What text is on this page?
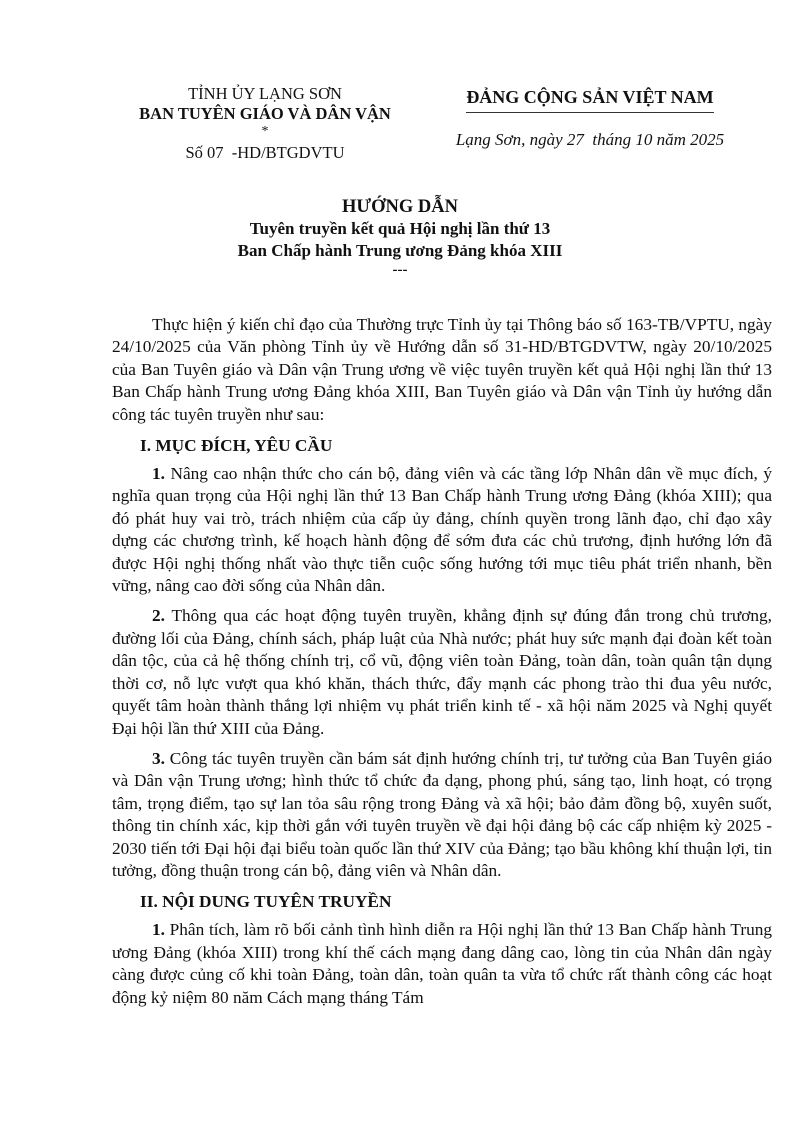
TỈNH ỦY LẠNG SƠN
BAN TUYÊN GIÁO VÀ DÂN VẬN
*
Số 07  -HD/BTGDVTU
ĐẢNG CỘNG SẢN VIỆT NAM
Lạng Sơn, ngày 27  tháng 10 năm 2025
HƯỚNG DẪN
Tuyên truyền kết quả Hội nghị lần thứ 13
Ban Chấp hành Trung ương Đảng khóa XIII
---

Thực hiện ý kiến chỉ đạo của Thường trực Tỉnh ủy tại Thông báo số 163-TB/VPTU, ngày 24/10/2025 của Văn phòng Tỉnh ủy về Hướng dẫn số 31-HD/BTGDVTW, ngày 20/10/2025 của Ban Tuyên giáo và Dân vận Trung ương về việc tuyên truyền kết quả Hội nghị lần thứ 13 Ban Chấp hành Trung ương Đảng khóa XIII, Ban Tuyên giáo và Dân vận Tỉnh ủy hướng dẫn công tác tuyên truyền như sau:

I. MỤC ĐÍCH, YÊU CẦU

1. Nâng cao nhận thức cho cán bộ, đảng viên và các tầng lớp Nhân dân về mục đích, ý nghĩa quan trọng của Hội nghị lần thứ 13 Ban Chấp hành Trung ương Đảng (khóa XIII); qua đó phát huy vai trò, trách nhiệm của cấp ủy đảng, chính quyền trong lãnh đạo, chỉ đạo xây dựng các chương trình, kế hoạch hành động để sớm đưa các chủ trương, định hướng lớn đã được Hội nghị thống nhất vào thực tiễn cuộc sống hướng tới mục tiêu phát triển nhanh, bền vững, nâng cao đời sống của Nhân dân.

2. Thông qua các hoạt động tuyên truyền, khẳng định sự đúng đắn trong chủ trương, đường lối của Đảng, chính sách, pháp luật của Nhà nước; phát huy sức mạnh đại đoàn kết toàn dân tộc, của cả hệ thống chính trị, cổ vũ, động viên toàn Đảng, toàn dân, toàn quân tận dụng thời cơ, nỗ lực vượt qua khó khăn, thách thức, đẩy mạnh các phong trào thi đua yêu nước, quyết tâm hoàn thành thắng lợi nhiệm vụ phát triển kinh tế - xã hội năm 2025 và Nghị quyết Đại hội lần thứ XIII của Đảng.

3. Công tác tuyên truyền cần bám sát định hướng chính trị, tư tưởng của Ban Tuyên giáo và Dân vận Trung ương; hình thức tổ chức đa dạng, phong phú, sáng tạo, linh hoạt, có trọng tâm, trọng điểm, tạo sự lan tỏa sâu rộng trong Đảng và xã hội; bảo đảm đồng bộ, xuyên suốt, thông tin chính xác, kịp thời gắn với tuyên truyền về đại hội đảng bộ các cấp nhiệm kỳ 2025 - 2030 tiến tới Đại hội đại biểu toàn quốc lần thứ XIV của Đảng; tạo bầu không khí thuận lợi, tin tưởng, đồng thuận trong cán bộ, đảng viên và Nhân dân.

II. NỘI DUNG TUYÊN TRUYỀN

1. Phân tích, làm rõ bối cảnh tình hình diễn ra Hội nghị lần thứ 13 Ban Chấp hành Trung ương Đảng (khóa XIII) trong khí thế cách mạng đang dâng cao, lòng tin của Nhân dân ngày càng được củng cố khi toàn Đảng, toàn dân, toàn quân ta vừa tổ chức rất thành công các hoạt động kỷ niệm 80 năm Cách mạng tháng Tám
